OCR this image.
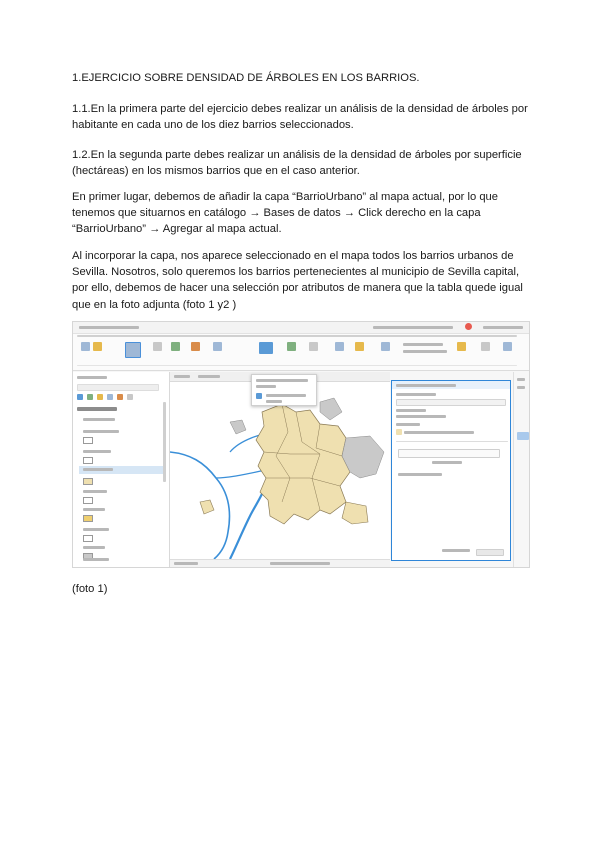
1.EJERCICIO SOBRE DENSIDAD DE ÁRBOLES EN LOS BARRIOS.

1.1.En la primera parte del ejercicio debes realizar un análisis de la densidad de árboles por habitante en cada uno de los diez barrios seleccionados.

1.2.En la segunda parte debes realizar un análisis de la densidad de árboles por superficie (hectáreas) en los mismos barrios que en el caso anterior.

En primer lugar, debemos de añadir la capa “BarrioUrbano” al mapa actual, por lo que tenemos que situarnos en catálogo → Bases de datos → Click derecho en la capa “BarrioUrbano” → Agregar al mapa actual.

Al incorporar la capa, nos aparece seleccionado en el mapa todos los barrios urbanos de Sevilla. Nosotros, solo queremos los barrios pertenecientes al municipio de Sevilla capital, por ello, debemos de hacer una selección por atributos de manera que la tabla quede igual que en la foto adjunta (foto 1 y2 )

(foto 1)
